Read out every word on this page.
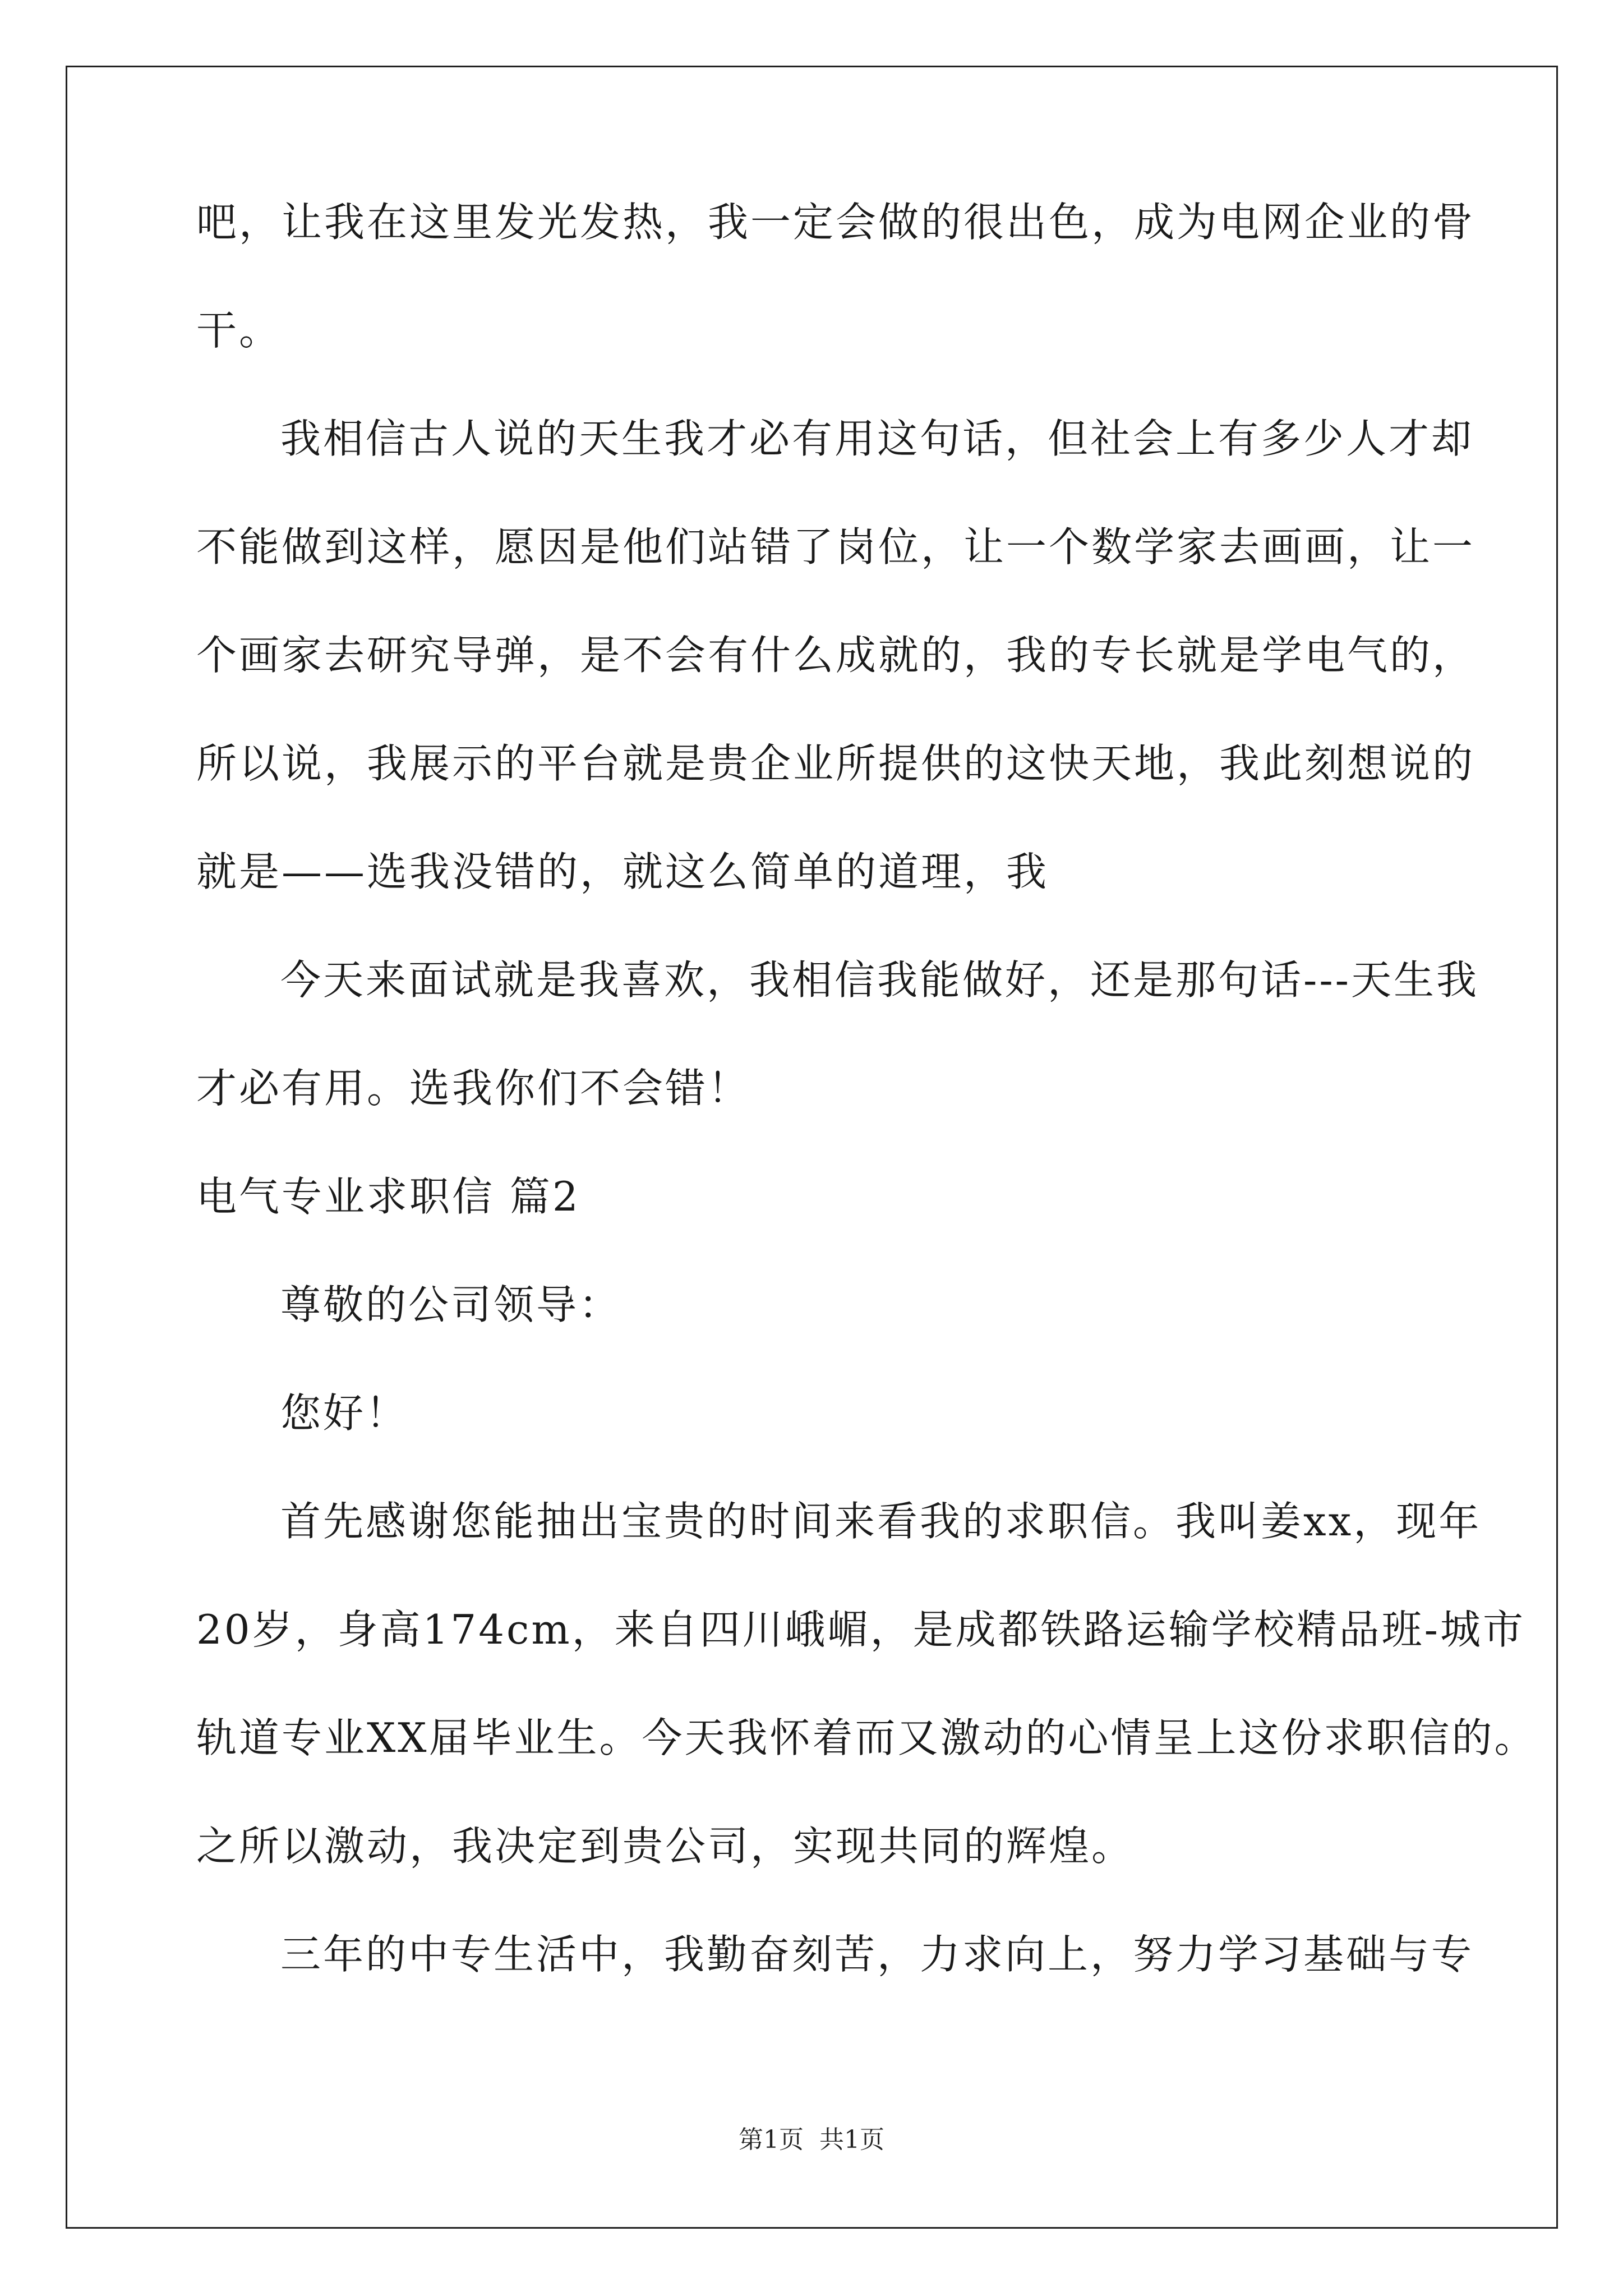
吧，让我在这里发光发热，我一定会做的很出色，成为电网企业的骨
干。
我相信古人说的天生我才必有用这句话，但社会上有多少人才却
不能做到这样，愿因是他们站错了岗位，让一个数学家去画画，让一
个画家去研究导弹，是不会有什么成就的，我的专长就是学电气的，
所以说，我展示的平台就是贵企业所提供的这快天地，我此刻想说的
就是——选我没错的，就这么简单的道理，我
今天来面试就是我喜欢，我相信我能做好，还是那句话---天生我
才必有用。选我你们不会错！
电气专业求职信 篇2
尊敬的公司领导：
您好！
首先感谢您能抽出宝贵的时间来看我的求职信。我叫姜xx，现年
20岁，身高174cm，来自四川峨嵋，是成都铁路运输学校精品班-城市
轨道专业XX届毕业生。今天我怀着而又激动的心情呈上这份求职信的。
之所以激动，我决定到贵公司，实现共同的辉煌。
三年的中专生活中，我勤奋刻苦，力求向上，努力学习基础与专
第1页  共1页
